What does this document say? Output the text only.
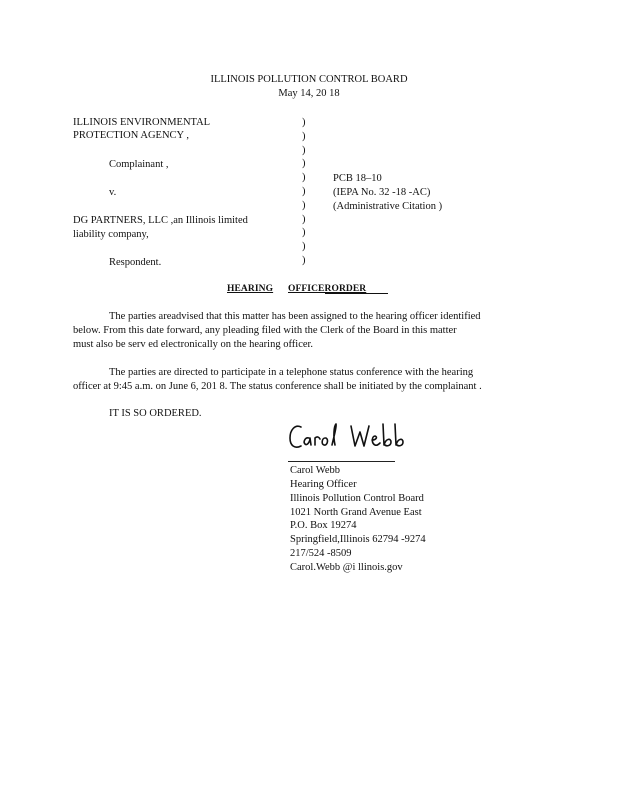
ILLINOIS POLLUTION CONTROL BOARD
May 14, 20 18
ILLINOIS ENVIRONMENTAL
PROTECTION AGENCY ,
Complainant ,
v.
DG PARTNERS, LLC ,an Illinois limited
liability company,
Respondent.
)
)
)
)
)
)
)
)
)
)
)
PCB 18–10
(IEPA No. 32 -18 -AC)
(Administrative Citation )
HEARING OFFICERORDER
The parties areadvised that this matter has been assigned to the hearing officer identified
below. From this date forward, any pleading filed with the Clerk of the Board in this matter
must also be serv ed electronically on the hearing officer.
The parties are directed to participate in a telephone status conference with the hearing
officer at 9:45 a.m. on June 6, 201 8. The status conference shall be initiated by the complainant .
IT IS SO ORDERED.
Carol Webb
Hearing Officer
Illinois Pollution Control Board
1021 North Grand Avenue East
P.O. Box 19274
Springfield,Illinois 62794 -9274
217/524 -8509
Carol.Webb @i llinois.gov
